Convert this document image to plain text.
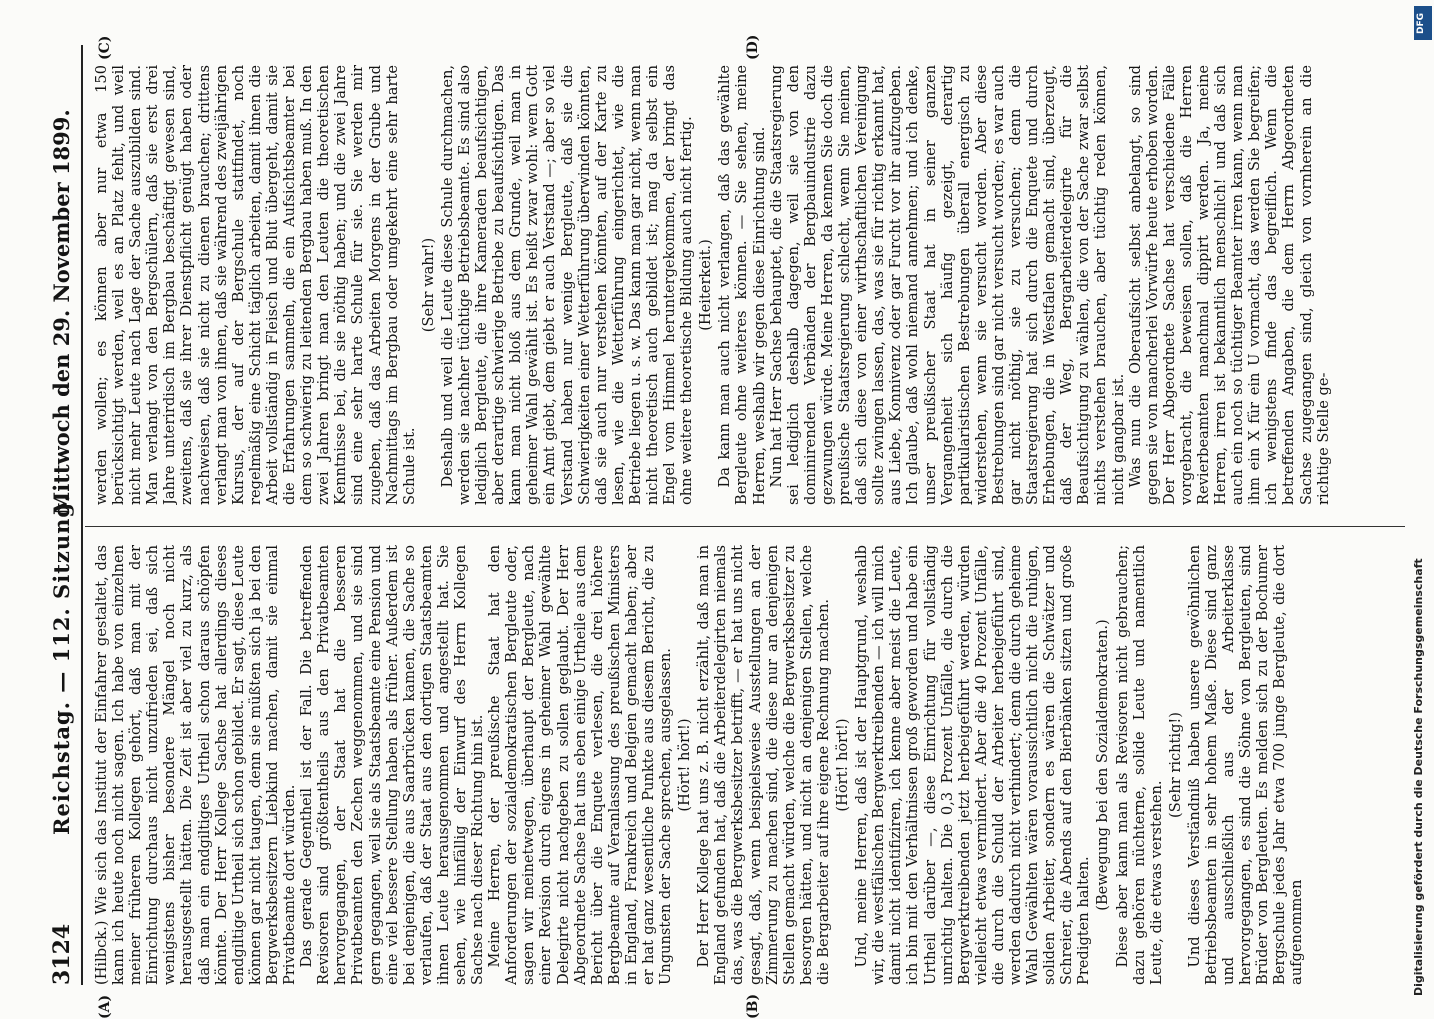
3124
Reichstag. — 112. Sitzung.
Mittwoch den 29. November 1899.
(A)	(B)
(C)	(D)

(Hilbck.) Wie sich das Institut der Einfahrer gestaltet, das kann ich heute noch nicht sagen. Ich habe von einzelnen meiner früheren Kollegen gehört, daß man mit der Einrichtung durchaus nicht unzufrieden sei, daß sich wenigstens bisher besondere Mängel noch nicht herausgestellt hätten. Die Zeit ist aber viel zu kurz, als daß man ein endgiltiges Urtheil schon daraus schöpfen könnte. Der Herr Kollege Sachse hat allerdings dieses endgiltige Urtheil sich schon gebildet. Er sagt, diese Leute können gar nicht taugen, denn sie müßten sich ja bei den Bergwerksbesitzern Liebkind machen, damit sie einmal Privatbeamte dort würden. Das gerade Gegentheil ist der Fall. Die betreffenden Revisoren sind größtentheils aus den Privatbeamten hervorgegangen, der Staat hat die besseren Privatbeamten den Zechen weggenommen, und sie sind gern gegangen, weil sie als Staatsbeamte eine Pension und eine viel bessere Stellung haben als früher. Außerdem ist bei denjenigen, die aus Saarbrücken kamen, die Sache so verlaufen, daß der Staat aus den dortigen Staatsbeamten ihnen Leute herausgenommen und angestellt hat. Sie sehen, wie hinfällig der Einwurf des Herrn Kollegen Sachse nach dieser Richtung hin ist. Meine Herren, der preußische Staat hat den Anforderungen der sozialdemokratischen Bergleute oder, sagen wir meinetwegen, überhaupt der Bergleute, nach einer Revision durch eigens in geheimer Wahl gewählte Delegirte nicht nachgeben zu sollen geglaubt. Der Herr Abgeordnete Sachse hat uns eben einige Urtheile aus dem Bericht über die Enquete verlesen, die drei höhere Bergbeamte auf Veranlassung des preußischen Ministers in England, Frankreich und Belgien gemacht haben; aber er hat ganz wesentliche Punkte aus diesem Bericht, die zu Ungunsten der Sache sprechen, ausgelassen. (Hört! hört!) Der Herr Kollege hat uns z. B. nicht erzählt, daß man in England gefunden hat, daß die Arbeiterdelegirten niemals das, was die Bergwerksbesitzer betrifft, — er hat uns nicht gesagt, daß, wenn beispielsweise Ausstellungen an der Zimmerung zu machen sind, die diese nur an denjenigen Stellen gemacht würden, welche die Bergwerksbesitzer zu besorgen hätten, und nicht an denjenigen Stellen, welche die Bergarbeiter auf ihre eigene Rechnung machen. (Hört! hört!) Und, meine Herren, daß ist der Hauptgrund, weshalb wir, die westfälischen Bergwerktreibenden — ich will mich damit nicht identifiziren, ich kenne aber meist die Leute, ich bin mit den Verhältnissen groß geworden und habe ein Urtheil darüber —, diese Einrichtung für vollständig unrichtig halten. Die 0,3 Prozent Unfälle, die durch die Bergwerktreibenden jetzt herbeigeführt werden, würden vielleicht etwas vermindert. Aber die 40 Prozent Unfälle, die durch die Schuld der Arbeiter herbeigeführt sind, werden dadurch nicht verhindert; denn die durch geheime Wahl Gewählten wären voraussichtlich nicht die ruhigen, soliden Arbeiter, sondern es wären die Schwätzer und Schreier, die Abends auf den Bierbänken sitzen und große Predigten halten.

(Bewegung bei den Sozialdemokraten.) Diese aber kann man als Revisoren nicht gebrauchen; dazu gehören nüchterne, solide Leute und namentlich Leute, die etwas verstehen.

(Sehr richtig!) Und dieses Verständniß haben unsere gewöhnlichen Betriebsbeamten in sehr hohem Maße. Diese sind ganz und ausschließlich aus der Arbeiterklasse hervorgegangen, es sind die Söhne von Bergleuten, sind Brüder von Bergleuten. Es melden sich zu der Bochumer Bergschule jedes Jahr etwa 700 junge Bergleute, die dort aufgenommen

werden wollen; es können aber nur etwa 150 berücksichtigt werden, weil es an Platz fehlt, und weil nicht mehr Leute nach Lage der Sache auszubilden sind. Man verlangt von den Bergschülern, daß sie erst drei Jahre unterirdisch im Bergbau beschäftigt gewesen sind, zweitens, daß sie ihrer Dienstpflicht genügt haben oder nachweisen, daß sie nicht zu dienen brauchen; drittens verlangt man von ihnen, daß sie während des zweijährigen Kursus, der auf der Bergschule stattfindet, noch regelmäßig eine Schicht täglich arbeiten, damit ihnen die Arbeit vollständig in Fleisch und Blut übergeht, damit sie die Erfahrungen sammeln, die ein Aufsichtsbeamter bei dem so schwierig zu leitenden Bergbau haben muß. In den zwei Jahren bringt man den Leuten die theoretischen Kenntnisse bei, die sie nöthig haben; und die zwei Jahre sind eine sehr harte Schule für sie. Sie werden mir zugeben, daß das Arbeiten Morgens in der Grube und Nachmittags im Bergbau oder umgekehrt eine sehr harte Schule ist.

(Sehr wahr!) Deshalb und weil die Leute diese Schule durchmachen, werden sie nachher tüchtige Betriebsbeamte. Es sind also lediglich Bergleute, die ihre Kameraden beaufsichtigen, aber derartige schwierige Betriebe zu beaufsichtigen. Das kann man nicht bloß aus dem Grunde, weil man in geheimer Wahl gewählt ist. Es heißt zwar wohl: wem Gott ein Amt giebt, dem giebt er auch Verstand —; aber so viel Verstand haben nur wenige Bergleute, daß sie die Schwierigkeiten einer Wetterführung überwinden könnten, daß sie auch nur verstehen könnten, auf der Karte zu lesen, wie die Wetterführung eingerichtet, wie die Betriebe liegen u. s. w. Das kann man gar nicht, wenn man nicht theoretisch auch gebildet ist; mag da selbst ein Engel vom Himmel heruntergekommen, der bringt das ohne weitere theoretische Bildung auch nicht fertig. (Heiterkeit.) Da kann man auch nicht verlangen, daß das gewählte Bergleute ohne weiteres können. — Sie sehen, meine Herren, weshalb wir gegen diese Einrichtung sind. Nun hat Herr Sachse behauptet, die die Staatsregierung sei lediglich deshalb dagegen, weil sie von den dominirenden Verbänden der Bergbauindustrie dazu gezwungen würde. Meine Herren, da kennen Sie doch die preußische Staatsregierung schlecht, wenn Sie meinen, daß sich diese von einer wirthschaftlichen Vereinigung sollte zwingen lassen, das, was sie für richtig erkannt hat, aus Liebe, Konnivenz oder gar Furcht vor ihr aufzugeben. Ich glaube, daß wohl niemand annehmen; und ich denke, unser preußischer Staat hat in seiner ganzen Vergangenheit sich häufig gezeigt, derartig partikularistischen Bestrebungen überall energisch zu widerstehen, wenn sie versucht worden. Aber diese Bestrebungen sind gar nicht versucht worden; es war auch gar nicht nöthig, sie zu versuchen; denn die Staatsregierung hat sich durch die Enquete und durch Erhebungen, die in Westfalen gemacht sind, überzeugt, daß der Weg, Bergarbeiterdelegirte für die Beaufsichtigung zu wählen, die von der Sache zwar selbst nichts verstehen brauchen, aber tüchtig reden können, nicht gangbar ist. Was nun die Oberaufsicht selbst anbelangt, so sind gegen sie von mancherlei Vorwürfe heute erhoben worden. Der Herr Abgeordnete Sachse hat verschiedene Fälle vorgebracht, die beweisen sollen, daß die Herren Revierbeamten manchmal dippirt werden. Ja, meine Herren, irren ist bekanntlich menschlich! und daß sich auch ein noch so tüchtiger Beamter irren kann, wenn man ihm ein X für ein U vormacht, das werden Sie begreifen; ich wenigstens finde das begreiflich. Wenn die betreffenden Angaben, die dem Herrn Abgeordneten Sachse zugegangen sind, gleich von vornherein an die richtige Stelle ge-

Digitalisierung gefördert durch die Deutsche Forschungsgemeinschaft
DFG
